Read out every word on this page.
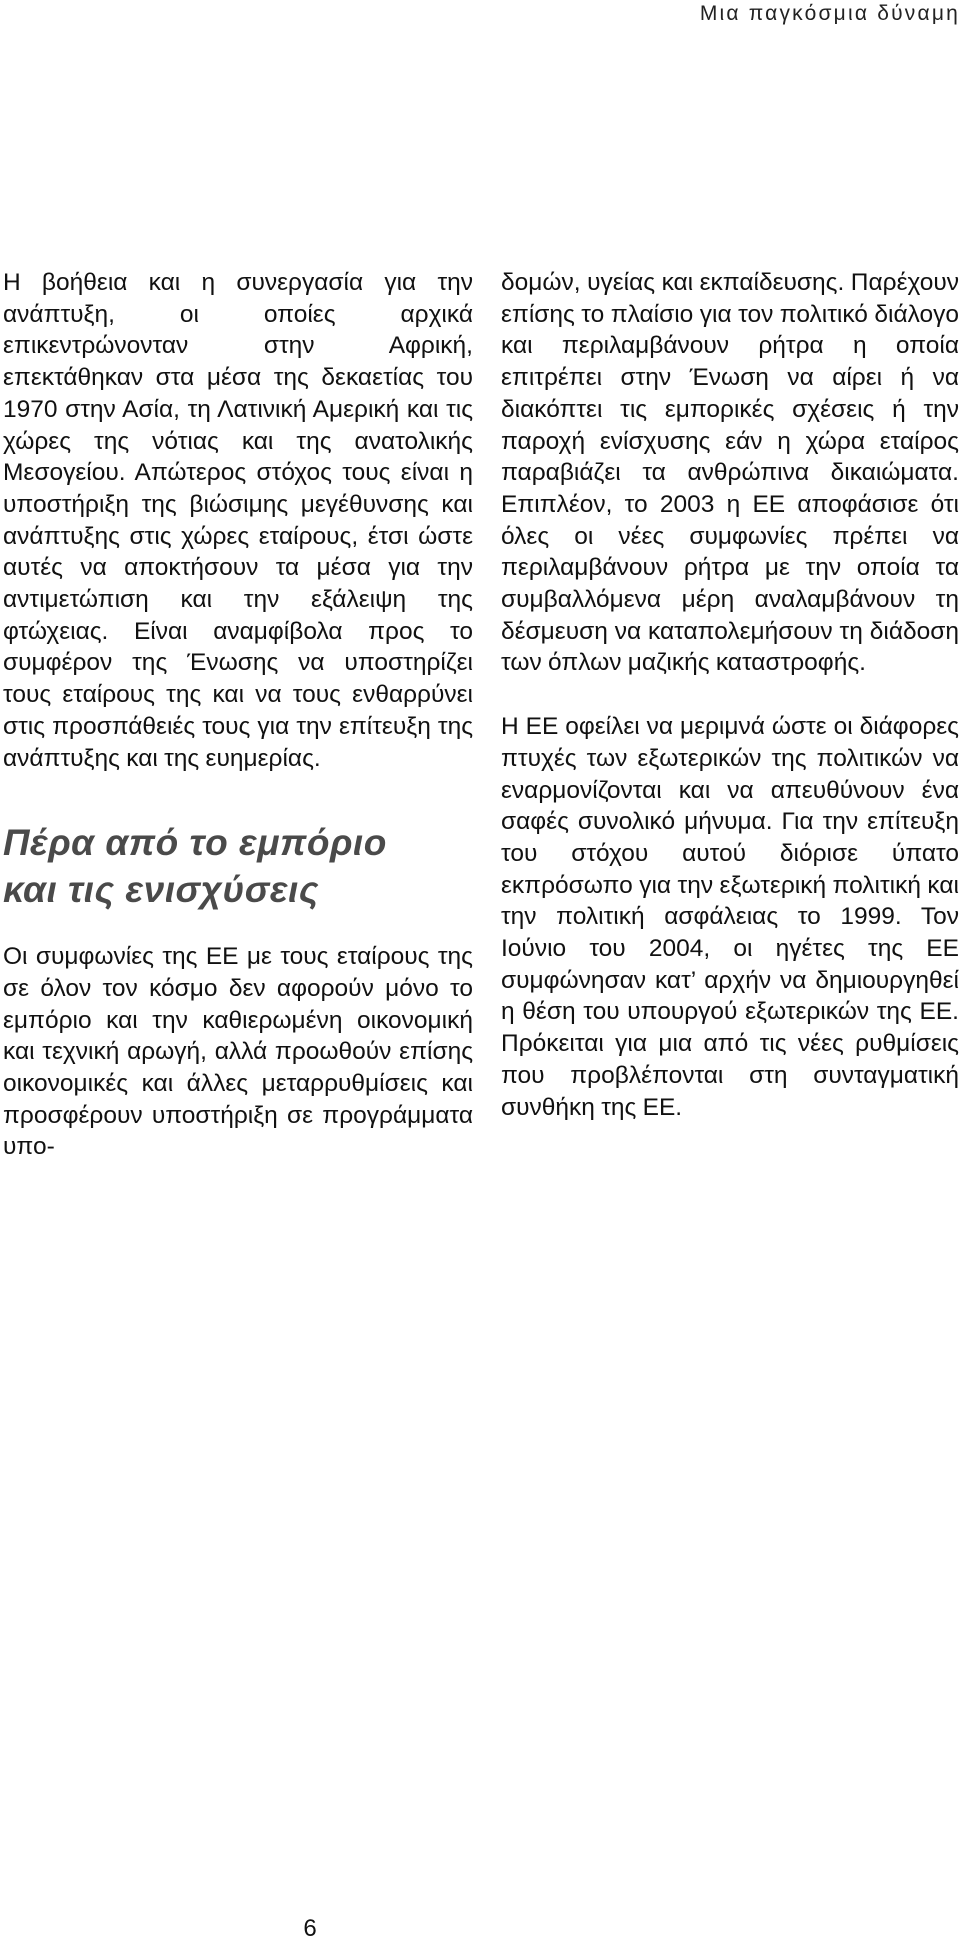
Μια παγκόσμια δύναμη

Η βοήθεια και η συνεργασία για την ανάπτυξη, οι οποίες αρχικά επικεντρώνονταν στην Αφρική, επεκτάθηκαν στα μέσα της δεκαετίας του 1970 στην Ασία, τη Λατινική Αμερική και τις χώρες της νότιας και της ανατολικής Μεσογείου. Απώτερος στόχος τους είναι η υποστήριξη της βιώσιμης μεγέθυνσης και ανάπτυξης στις χώρες εταίρους, έτσι ώστε αυτές να αποκτήσουν τα μέσα για την αντιμετώπιση και την εξάλειψη της φτώχειας. Είναι αναμφίβολα προς το συμφέρον της Ένωσης να υποστηρίζει τους εταίρους της και να τους ενθαρρύνει στις προσπάθειές τους για την επίτευξη της ανάπτυξης και της ευημερίας.

Πέρα από το εμπόριο
και τις ενισχύσεις

Οι συμφωνίες της ΕΕ με τους εταίρους της σε όλον τον κόσμο δεν αφορούν μόνο το εμπόριο και την καθιερωμένη οικονομική και τεχνική αρωγή, αλλά προωθούν επίσης οικονομικές και άλλες μεταρρυθμίσεις και προσφέρουν υποστήριξη σε προγράμματα υπο-

δομών, υγείας και εκπαίδευσης. Παρέχουν επίσης το πλαίσιο για τον πολιτικό διάλογο και περιλαμβάνουν ρήτρα η οποία επιτρέπει στην Ένωση να αίρει ή να διακόπτει τις εμπορικές σχέσεις ή την παροχή ενίσχυσης εάν η χώρα εταίρος παραβιάζει τα ανθρώπινα δικαιώματα. Επιπλέον, το 2003 η ΕΕ αποφάσισε ότι όλες οι νέες συμφωνίες πρέπει να περιλαμβάνουν ρήτρα με την οποία τα συμβαλλόμενα μέρη αναλαμβάνουν τη δέσμευση να καταπολεμήσουν τη διάδοση των όπλων μαζικής καταστροφής.

Η ΕΕ οφείλει να μεριμνά ώστε οι διάφορες πτυχές των εξωτερικών της πολιτικών να εναρμονίζονται και να απευθύνουν ένα σαφές συνολικό μήνυμα. Για την επίτευξη του στόχου αυτού διόρισε ύπατο εκπρόσωπο για την εξωτερική πολιτική και την πολιτική ασφάλειας το 1999. Τον Ιούνιο του 2004, οι ηγέτες της ΕΕ συμφώνησαν κατ’ αρχήν να δημιουργηθεί η θέση του υπουργού εξωτερικών της ΕΕ. Πρόκειται για μια από τις νέες ρυθμίσεις που προβλέπονται στη συνταγματική συνθήκη της ΕΕ.

6
